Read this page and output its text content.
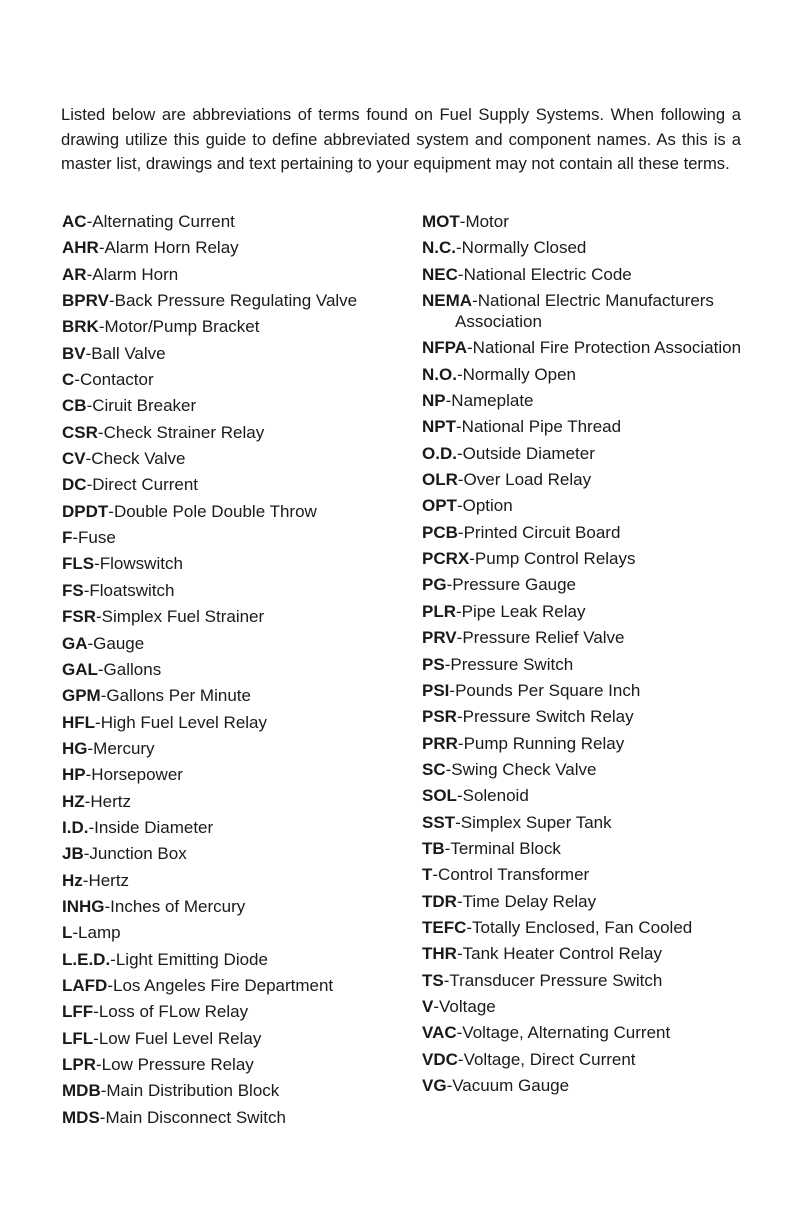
Listed below are abbreviations of terms found on Fuel Supply Systems. When following a drawing utilize this guide to define abbreviated system and component names. As this is a master list, drawings and text pertaining to your equipment may not contain all these terms.

AC-Alternating Current
AHR-Alarm Horn Relay
AR-Alarm Horn
BPRV-Back Pressure Regulating Valve
BRK-Motor/Pump Bracket
BV-Ball Valve
C-Contactor
CB-Ciruit Breaker
CSR-Check Strainer Relay
CV-Check Valve
DC-Direct Current
DPDT-Double Pole Double Throw
F-Fuse
FLS-Flowswitch
FS-Floatswitch
FSR-Simplex Fuel Strainer
GA-Gauge
GAL-Gallons
GPM-Gallons Per Minute
HFL-High Fuel Level Relay
HG-Mercury
HP-Horsepower
HZ-Hertz
I.D.-Inside Diameter
JB-Junction Box
Hz-Hertz
INHG-Inches of Mercury
L-Lamp
L.E.D.-Light Emitting Diode
LAFD-Los Angeles Fire Department
LFF-Loss of FLow Relay
LFL-Low Fuel Level Relay
LPR-Low Pressure Relay
MDB-Main Distribution Block
MDS-Main Disconnect Switch
MOT-Motor
N.C.-Normally Closed
NEC-National Electric Code
NEMA-National Electric Manufacturers Association
NFPA-National Fire Protection Association
N.O.-Normally Open
NP-Nameplate
NPT-National Pipe Thread
O.D.-Outside Diameter
OLR-Over Load Relay
OPT-Option
PCB-Printed Circuit Board
PCRX-Pump Control Relays
PG-Pressure Gauge
PLR-Pipe Leak Relay
PRV-Pressure Relief Valve
PS-Pressure Switch
PSI-Pounds Per Square Inch
PSR-Pressure Switch Relay
PRR-Pump Running Relay
SC-Swing Check Valve
SOL-Solenoid
SST-Simplex Super Tank
TB-Terminal Block
T-Control Transformer
TDR-Time Delay Relay
TEFC-Totally Enclosed, Fan Cooled
THR-Tank Heater Control Relay
TS-Transducer Pressure Switch
V-Voltage
VAC-Voltage, Alternating Current
VDC-Voltage, Direct Current
VG-Vacuum Gauge
